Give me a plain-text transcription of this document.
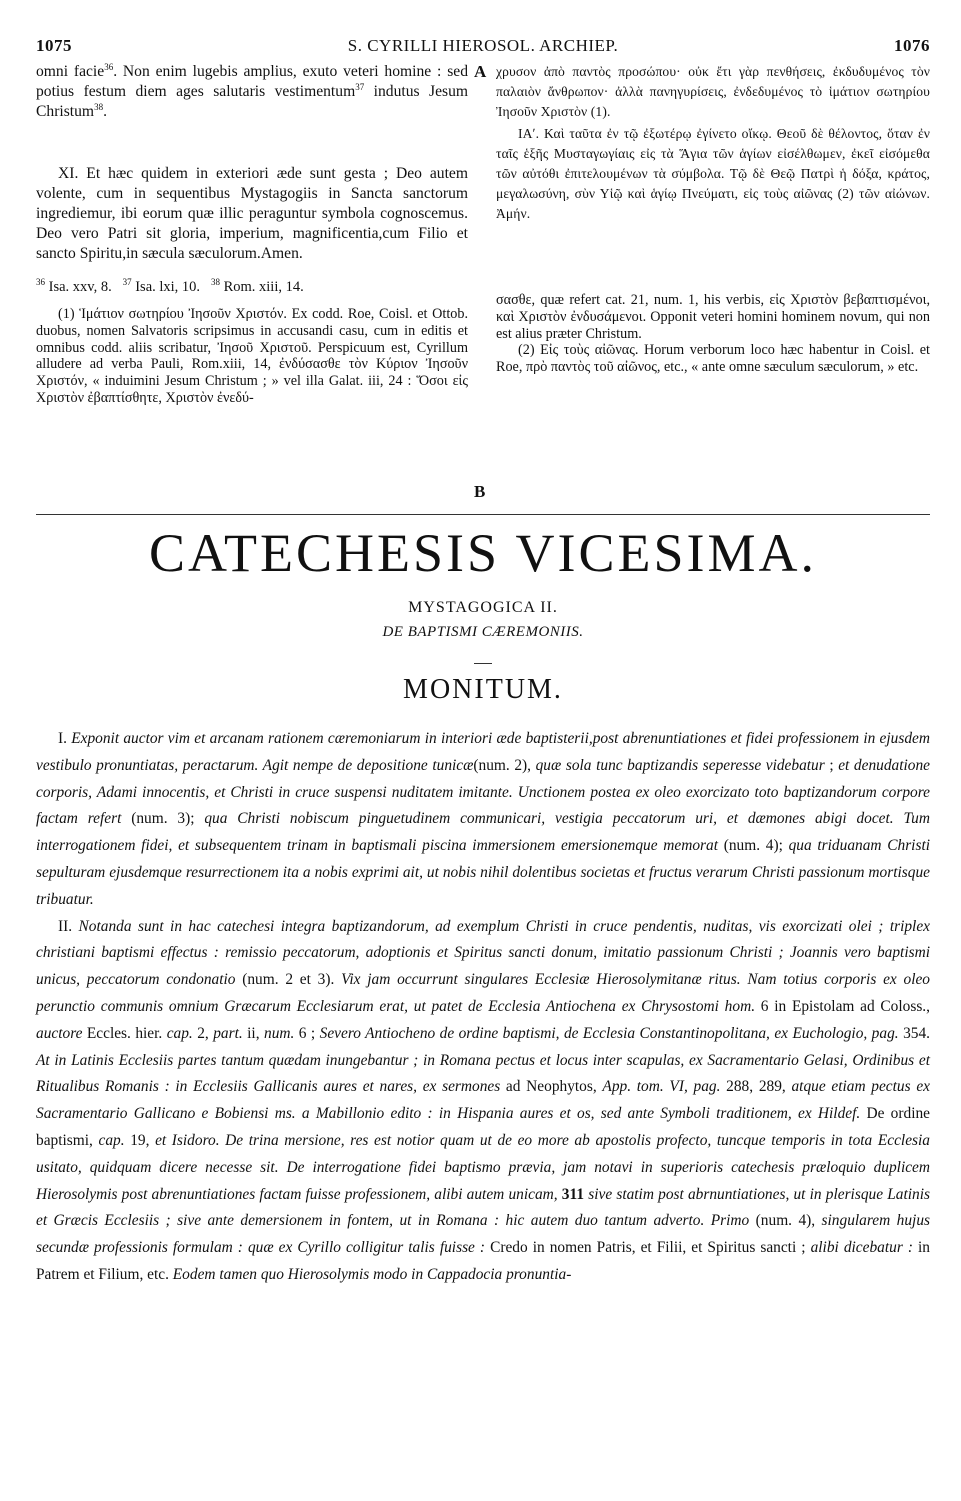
1075	S. CYRILLI HIEROSOL. ARCHIEP.	1076

omni facie$^{36}$. Non enim lugebis amplius, exuto veteri homine : sed potius festum diem ages salutaris vestimentum$^{37}$ indutus Jesum Christum$^{38}$.

XI. Et hæc quidem in exteriori æde sunt gesta ; Deo autem volente, cum in sequentibus Mystagogiis in Sancta sanctorum ingrediemur, ibi eorum quæ illic peraguntur symbola cognoscemus. Deo vero Patri sit gloria, imperium, magnificentia,cum Filio et sancto Spiritu,in sæcula sæculorum.Amen.

$^{36}$ Isa. xxv, 8. $^{37}$ Isa. lxi, 10. $^{38}$ Rom. xiii, 14.

(1) Ἱμάτιον σωτηρίου Ἰησοῦν Χριστόν. Ex codd. Roe, Coisl. et Ottob. duobus, nomen Salvatoris scripsimus in accusandi casu, cum in editis et omnibus codd. aliis scribatur, Ἰησοῦ Χριστοῦ. Perspicuum est, Cyrillum alludere ad verba Pauli, Rom.xiii, 14, ἐνδύσασθε τὸν Κύριον Ἰησοῦν Χριστόν, « induimini Jesum Christum ; » vel illa Galat. iii, 24 : Ὅσοι εἰς Χριστὸν ἐβαπτίσθητε, Χριστὸν ἐνεδύ-

A
B

χρυσον ἀπὸ παντὸς προσώπου· οὐκ ἔτι γὰρ πενθήσεις, ἐκδυδυμένος τὸν παλαιὸν ἄνθρωπον· ἀλλὰ πανηγυρίσεις, ἐνδεδυμένος τὸ ἱμάτιον σωτηρίου Ἰησοῦν Χριστὸν (1).

ΙΑʹ. Καὶ ταῦτα ἐν τῷ ἐξωτέρῳ ἐγίνετο οἴκῳ. Θεοῦ δὲ θέλοντος, ὅταν ἐν ταῖς ἑξῆς Μυσταγωγίαις εἰς τὰ Ἅγια τῶν ἁγίων εἰσέλθωμεν, ἐκεῖ εἰσόμεθα τῶν αὐτόθι ἐπιτελουμένων τὰ σύμβολα. Τῷ δὲ Θεῷ Πατρὶ ἡ δόξα, κράτος, μεγαλωσύνη, σὺν Υἱῷ καὶ ἁγίῳ Πνεύματι, εἰς τοὺς αἰῶνας (2) τῶν αἰώνων. Ἀμήν.

σασθε, quæ refert cat. 21, num. 1, his verbis, εἰς Χριστὸν βεβαπτισμένοι, καὶ Χριστὸν ἐνδυσάμενοι. Opponit veteri homini hominem novum, qui non est alius præter Christum.

(2) Εἰς τοὺς αἰῶνας. Horum verborum loco hæc habentur in Coisl. et Roe, πρὸ παντὸς τοῦ αἰῶνος, etc., « ante omne sæculum sæculorum, » etc.

CATECHESIS VICESIMA.
MYSTAGOGICA II.
DE BAPTISMI CÆREMONIIS.
MONITUM.

I. Exponit auctor vim et arcanam rationem cæremoniarum in interiori æde baptisterii,post abrenuntiationes et fidei professionem in ejusdem vestibulo pronuntiatas, peractarum. Agit nempe de depositione tunicæ(num. 2), quæ sola tunc baptizandis seperesse videbatur ; et denudatione corporis, Adami innocentis, et Christi in cruce suspensi nuditatem imitante. Unctionem postea ex oleo exorcizato toto baptizandorum corpore factam refert (num. 3); qua Christi nobiscum pinguetudinem communicari, vestigia peccatorum uri, et dæmones abigi docet. Tum interrogationem fidei, et subsequentem trinam in baptismali piscina immersionem emersionemque memorat (num. 4); qua triduanam Christi sepulturam ejusdemque resurrectionem ita a nobis exprimi ait, ut nobis nihil dolentibus societas et fructus verarum Christi passionum mortisque tribuatur.

II. Notanda sunt in hac catechesi integra baptizandorum, ad exemplum Christi in cruce pendentis, nuditas, vis exorcizati olei ; triplex christiani baptismi effectus : remissio peccatorum, adoptionis et Spiritus sancti donum, imitatio passionum Christi ; Joannis vero baptismi unicus, peccatorum condonatio (num. 2 et 3). Vix jam occurrunt singulares Ecclesiæ Hierosolymitanæ ritus. Nam totius corporis ex oleo perunctio communis omnium Græcarum Ecclesiarum erat, ut patet de Ecclesia Antiochena ex Chrysostomi hom. 6 in Epistolam ad Coloss., auctore Eccles. hier. cap. 2, part. ii, num. 6 ; Severo Antiocheno de ordine baptismi, de Ecclesia Constantinopolitana, ex Euchologio, pag. 354. At in Latinis Ecclesiis partes tantum quædam inungebantur ; in Romana pectus et locus inter scapulas, ex Sacramentario Gelasi, Ordinibus et Ritualibus Romanis : in Ecclesiis Gallicanis aures et nares, ex sermones ad Neophytos, App. tom. VI, pag. 288, 289, atque etiam pectus ex Sacramentario Gallicano e Bobiensi ms. a Mabillonio edito : in Hispania aures et os, sed ante Symboli traditionem, ex Hildef. De ordine baptismi, cap. 19, et Isidoro. De trina mersione, res est notior quam ut de eo more ab apostolis profecto, tuncque temporis in tota Ecclesia usitato, quidquam dicere necesse sit. De interrogatione fidei baptismo prævia, jam notavi in superioris catechesis præloquio duplicem Hierosolymis post abrenuntiationes factam fuisse professionem, alibi autem unicam, 311 sive statim post abrnuntiationes, ut in plerisque Latinis et Græcis Ecclesiis ; sive ante demersionem in fontem, ut in Romana : hic autem duo tantum adverto. Primo (num. 4), singularem hujus secundæ professionis formulam : quæ ex Cyrillo colligitur talis fuisse : Credo in nomen Patris, et Filii, et Spiritus sancti ; alibi dicebatur : in Patrem et Filium, etc. Eodem tamen quo Hierosolymis modo in Cappadocia pronuntia-
